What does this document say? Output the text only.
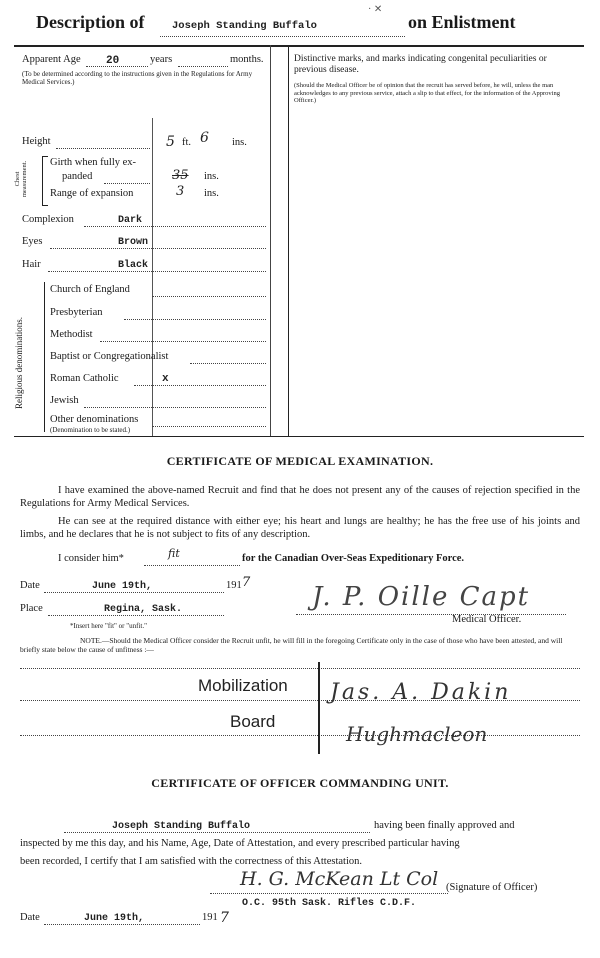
Description of	Joseph Standing Buffalo	on Enlistment
· ✕
Apparent Age 20	years	months.
(To be determined according to the instructions given in the Regulations for Army Medical Services.)
Height	5 ft. 6 ins.
Chest measurement. Girth when fully ex-
panded	35 ins.
Range of expansion	3 ins.
Complexion	Dark
Eyes	Brown
Hair	Black
Religious denominations.
Church of England
Presbyterian
Methodist
Baptist or Congregationalist
Roman Catholic	x
Jewish
Other denominations
(Denomination to be stated.)
Distinctive marks, and marks indicating congenital peculiarities or previous disease.
(Should the Medical Officer be of opinion that the recruit has served before, he will, unless the man acknowledges to any previous service, attach a slip to that effect, for the information of the Approving Officer.)
CERTIFICATE OF MEDICAL EXAMINATION.
I have examined the above-named Recruit and find that he does not present any of the causes of rejection specified in the Regulations for Army Medical Services.
He can see at the required distance with either eye; his heart and lungs are healthy; he has the free use of his joints and limbs, and he declares that he is not subject to fits of any description.
I consider him*	fit	for the Canadian Over-Seas Expeditionary Force.
Date	June 19th,	191 7
Place	Regina, Sask.
*Insert here "fit" or "unfit."
J. P. Oille Capt
Medical Officer.
NOTE.—Should the Medical Officer consider the Recruit unfit, he will fill in the foregoing Certificate only in the case of those who have been attested, and will briefly state below the cause of unfitness :—
Mobilization
Board
Jas. A. Dakin
Hughmacleon
CERTIFICATE OF OFFICER COMMANDING UNIT.
Joseph Standing Buffalo	having been finally approved and
inspected by me this day, and his Name, Age, Date of Attestation, and every prescribed particular having
been recorded, I certify that I am satisfied with the correctness of this Attestation.
H. G. McKean Lt Col (Signature of Officer)
O.C. 95th Sask. Rifles C.D.F.
Date	June 19th,	191 7
